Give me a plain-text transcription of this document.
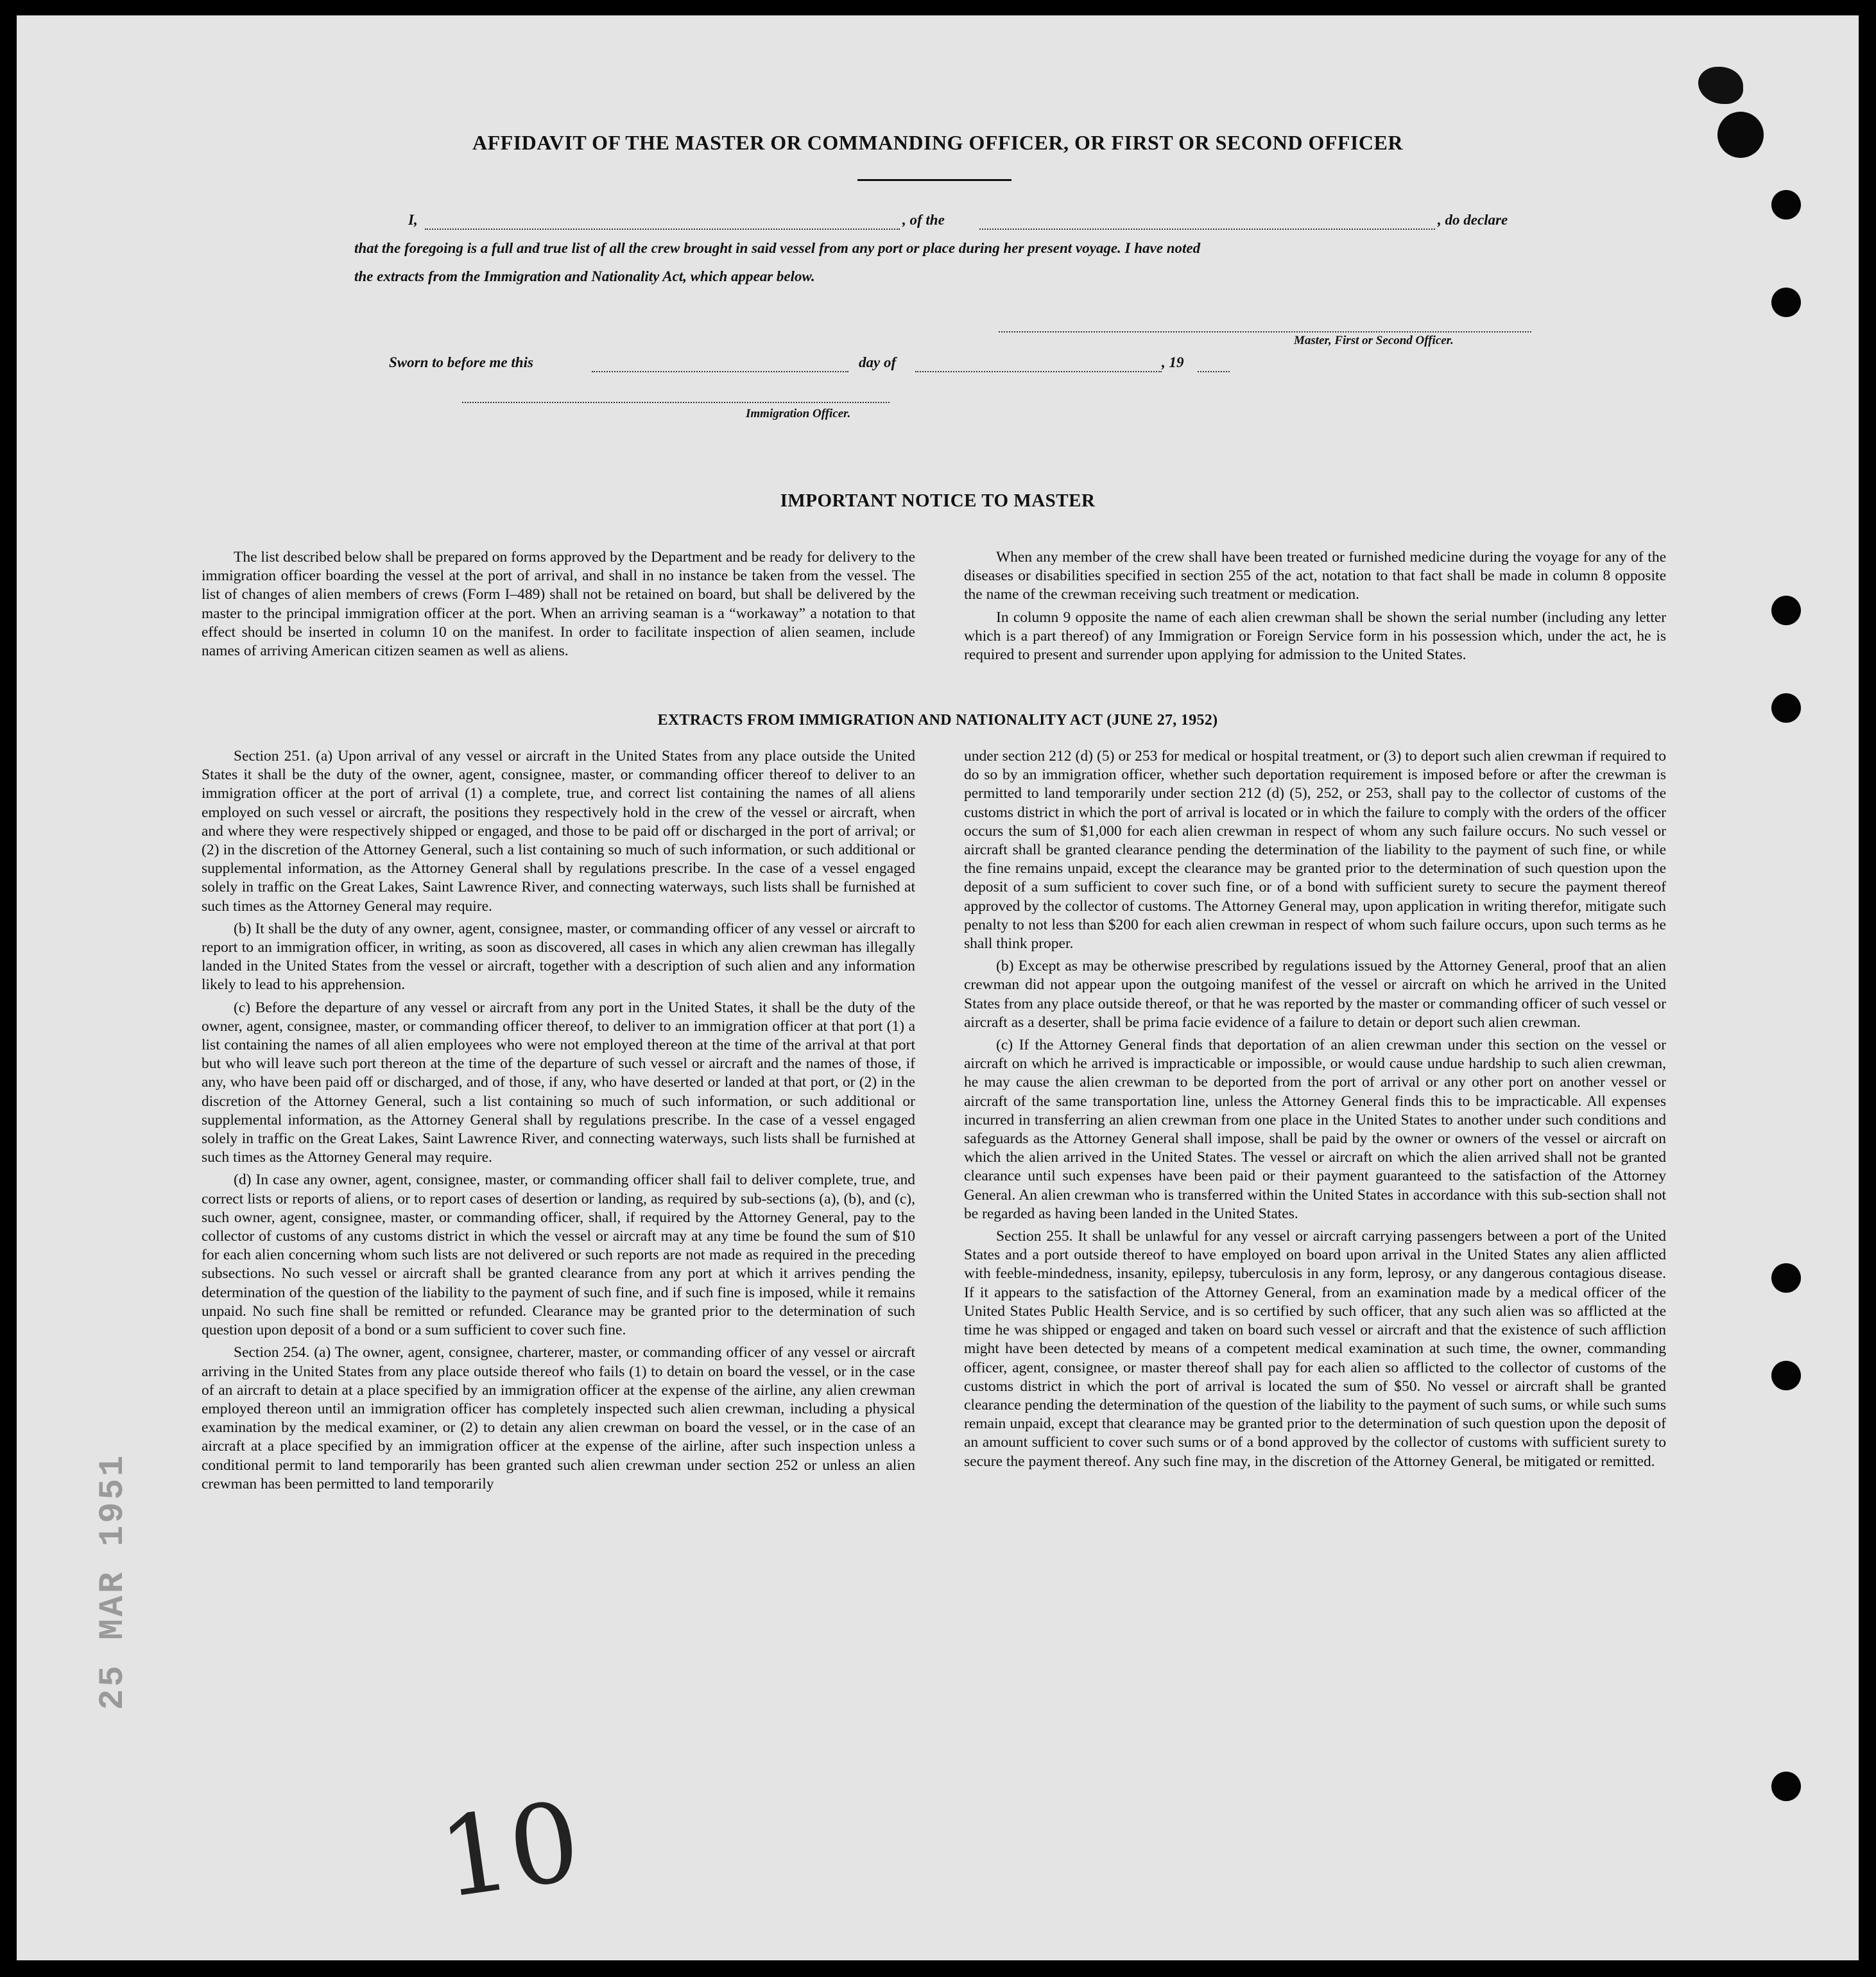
AFFIDAVIT OF THE MASTER OR COMMANDING OFFICER, OR FIRST OR SECOND OFFICER
I,	, of the	, do declare
that the foregoing is a full and true list of all the crew brought in said vessel from any port or place during her present voyage. I have noted
the extracts from the Immigration and Nationality Act, which appear below.
Master, First or Second Officer.
Sworn to before me this	day of	, 19
Immigration Officer.
IMPORTANT NOTICE TO MASTER

The list described below shall be prepared on forms approved by the Department and be ready for delivery to the immigration officer boarding the vessel at the port of arrival, and shall in no instance be taken from the vessel. The list of changes of alien members of crews (Form I–489) shall not be retained on board, but shall be delivered by the master to the principal immigration officer at the port. When an arriving seaman is a “workaway” a notation to that effect should be inserted in column 10 on the manifest. In order to facilitate inspection of alien seamen, include names of arriving American citizen seamen as well as aliens.

When any member of the crew shall have been treated or furnished medicine during the voyage for any of the diseases or disabilities specified in section 255 of the act, notation to that fact shall be made in column 8 opposite the name of the crewman receiving such treatment or medication.

In column 9 opposite the name of each alien crewman shall be shown the serial number (including any letter which is a part thereof) of any Immigration or Foreign Service form in his possession which, under the act, he is required to present and surrender upon applying for admission to the United States.

EXTRACTS FROM IMMIGRATION AND NATIONALITY ACT (JUNE 27, 1952)

Section 251. (a) Upon arrival of any vessel or aircraft in the United States from any place outside the United States it shall be the duty of the owner, agent, consignee, master, or commanding officer thereof to deliver to an immigration officer at the port of arrival (1) a complete, true, and correct list containing the names of all aliens employed on such vessel or aircraft, the positions they respectively hold in the crew of the vessel or aircraft, when and where they were respectively shipped or engaged, and those to be paid off or discharged in the port of arrival; or (2) in the discretion of the Attorney General, such a list containing so much of such information, or such additional or supplemental information, as the Attorney General shall by regulations prescribe. In the case of a vessel engaged solely in traffic on the Great Lakes, Saint Lawrence River, and connecting waterways, such lists shall be furnished at such times as the Attorney General may require.

(b) It shall be the duty of any owner, agent, consignee, master, or commanding officer of any vessel or aircraft to report to an immigration officer, in writing, as soon as discovered, all cases in which any alien crewman has illegally landed in the United States from the vessel or aircraft, together with a description of such alien and any information likely to lead to his apprehension.

(c) Before the departure of any vessel or aircraft from any port in the United States, it shall be the duty of the owner, agent, consignee, master, or commanding officer thereof, to deliver to an immigration officer at that port (1) a list containing the names of all alien employees who were not employed thereon at the time of the arrival at that port but who will leave such port thereon at the time of the departure of such vessel or aircraft and the names of those, if any, who have been paid off or discharged, and of those, if any, who have deserted or landed at that port, or (2) in the discretion of the Attorney General, such a list containing so much of such information, or such additional or supplemental information, as the Attorney General shall by regulations prescribe. In the case of a vessel engaged solely in traffic on the Great Lakes, Saint Lawrence River, and connecting waterways, such lists shall be furnished at such times as the Attorney General may require.

(d) In case any owner, agent, consignee, master, or commanding officer shall fail to deliver complete, true, and correct lists or reports of aliens, or to report cases of desertion or landing, as required by sub-sections (a), (b), and (c), such owner, agent, consignee, master, or commanding officer, shall, if required by the Attorney General, pay to the collector of customs of any customs district in which the vessel or aircraft may at any time be found the sum of $10 for each alien concerning whom such lists are not delivered or such reports are not made as required in the preceding subsections. No such vessel or aircraft shall be granted clearance from any port at which it arrives pending the determination of the question of the liability to the payment of such fine, and if such fine is imposed, while it remains unpaid. No such fine shall be remitted or refunded. Clearance may be granted prior to the determination of such question upon deposit of a bond or a sum sufficient to cover such fine.

Section 254. (a) The owner, agent, consignee, charterer, master, or commanding officer of any vessel or aircraft arriving in the United States from any place outside thereof who fails (1) to detain on board the vessel, or in the case of an aircraft to detain at a place specified by an immigration officer at the expense of the airline, any alien crewman employed thereon until an immigration officer has completely inspected such alien crewman, including a physical examination by the medical examiner, or (2) to detain any alien crewman on board the vessel, or in the case of an aircraft at a place specified by an immigration officer at the expense of the airline, after such inspection unless a conditional permit to land temporarily has been granted such alien crewman under section 252 or unless an alien crewman has been permitted to land temporarily

under section 212 (d) (5) or 253 for medical or hospital treatment, or (3) to deport such alien crewman if required to do so by an immigration officer, whether such deportation requirement is imposed before or after the crewman is permitted to land temporarily under section 212 (d) (5), 252, or 253, shall pay to the collector of customs of the customs district in which the port of arrival is located or in which the failure to comply with the orders of the officer occurs the sum of $1,000 for each alien crewman in respect of whom any such failure occurs. No such vessel or aircraft shall be granted clearance pending the determination of the liability to the payment of such fine, or while the fine remains unpaid, except the clearance may be granted prior to the determination of such question upon the deposit of a sum sufficient to cover such fine, or of a bond with sufficient surety to secure the payment thereof approved by the collector of customs. The Attorney General may, upon application in writing therefor, mitigate such penalty to not less than $200 for each alien crewman in respect of whom such failure occurs, upon such terms as he shall think proper.

(b) Except as may be otherwise prescribed by regulations issued by the Attorney General, proof that an alien crewman did not appear upon the outgoing manifest of the vessel or aircraft on which he arrived in the United States from any place outside thereof, or that he was reported by the master or commanding officer of such vessel or aircraft as a deserter, shall be prima facie evidence of a failure to detain or deport such alien crewman.

(c) If the Attorney General finds that deportation of an alien crewman under this section on the vessel or aircraft on which he arrived is impracticable or impossible, or would cause undue hardship to such alien crewman, he may cause the alien crewman to be deported from the port of arrival or any other port on another vessel or aircraft of the same transportation line, unless the Attorney General finds this to be impracticable. All expenses incurred in transferring an alien crewman from one place in the United States to another under such conditions and safeguards as the Attorney General shall impose, shall be paid by the owner or owners of the vessel or aircraft on which the alien arrived in the United States. The vessel or aircraft on which the alien arrived shall not be granted clearance until such expenses have been paid or their payment guaranteed to the satisfaction of the Attorney General. An alien crewman who is transferred within the United States in accordance with this sub-section shall not be regarded as having been landed in the United States.

Section 255. It shall be unlawful for any vessel or aircraft carrying passengers between a port of the United States and a port outside thereof to have employed on board upon arrival in the United States any alien afflicted with feeble-mindedness, insanity, epilepsy, tuberculosis in any form, leprosy, or any dangerous contagious disease. If it appears to the satisfaction of the Attorney General, from an examination made by a medical officer of the United States Public Health Service, and is so certified by such officer, that any such alien was so afflicted at the time he was shipped or engaged and taken on board such vessel or aircraft and that the existence of such affliction might have been detected by means of a competent medical examination at such time, the owner, commanding officer, agent, consignee, or master thereof shall pay for each alien so afflicted to the collector of customs of the customs district in which the port of arrival is located the sum of $50. No vessel or aircraft shall be granted clearance pending the determination of the question of the liability to the payment of such sums, or while such sums remain unpaid, except that clearance may be granted prior to the determination of such question upon the deposit of an amount sufficient to cover such sums or of a bond approved by the collector of customs with sufficient surety to secure the payment thereof. Any such fine may, in the discretion of the Attorney General, be mitigated or remitted.

25 MAR 1951
10
